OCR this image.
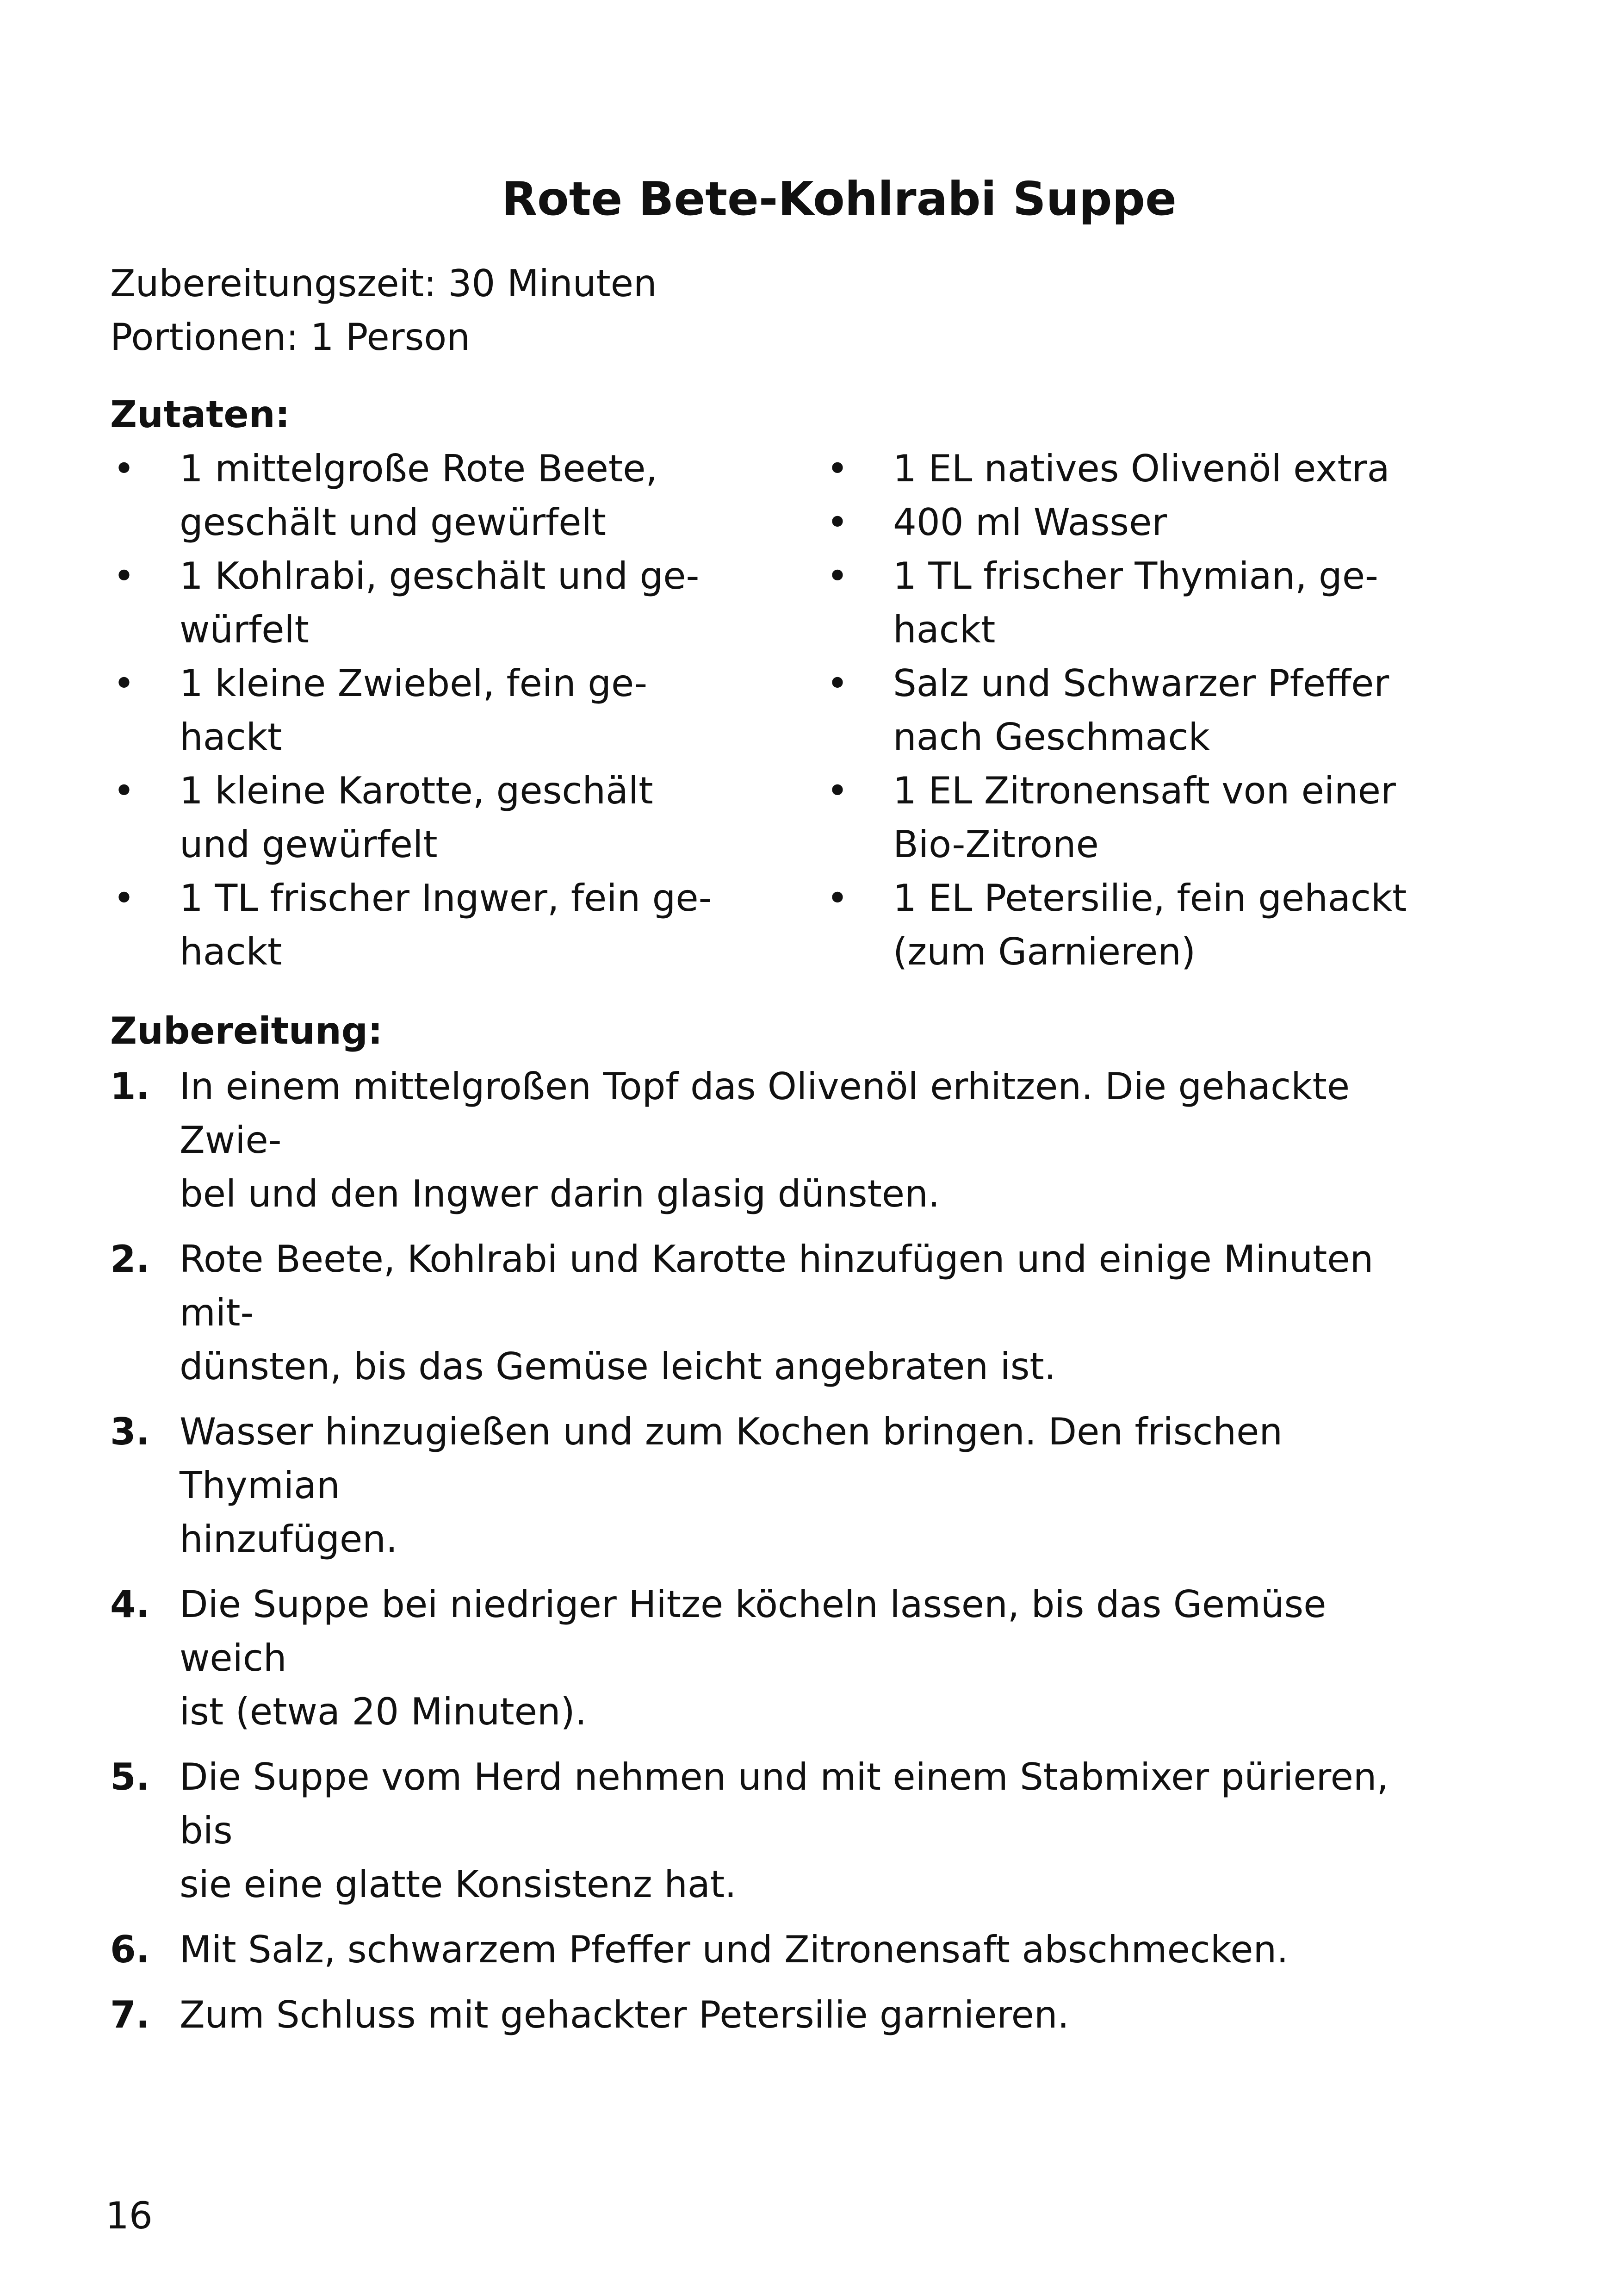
Rote Bete-Kohlrabi Suppe
Zubereitungszeit: 30 Minuten
Portionen: 1 Person
Zutaten:
• 1 mittelgroße Rote Beete,
geschält und gewürfelt
• 1 Kohlrabi, geschält und ge-
würfelt
• 1 kleine Zwiebel, fein ge-
hackt
• 1 kleine Karotte, geschält
und gewürfelt
• 1 TL frischer Ingwer, fein ge-
hackt
• 1 EL natives Olivenöl extra
• 400 ml Wasser
• 1 TL frischer Thymian, ge-
hackt
• Salz und Schwarzer Pfeffer
nach Geschmack
• 1 EL Zitronensaft von einer
Bio-Zitrone
• 1 EL Petersilie, fein gehackt
(zum Garnieren)
Zubereitung:
1. In einem mittelgroßen Topf das Olivenöl erhitzen. Die gehackte Zwie-
bel und den Ingwer darin glasig dünsten.
2. Rote Beete, Kohlrabi und Karotte hinzufügen und einige Minuten mit-
dünsten, bis das Gemüse leicht angebraten ist.
3. Wasser hinzugießen und zum Kochen bringen. Den frischen Thymian
hinzufügen.
4. Die Suppe bei niedriger Hitze köcheln lassen, bis das Gemüse weich
ist (etwa 20 Minuten).
5. Die Suppe vom Herd nehmen und mit einem Stabmixer pürieren, bis
sie eine glatte Konsistenz hat.
6. Mit Salz, schwarzem Pfeffer und Zitronensaft abschmecken.
7. Zum Schluss mit gehackter Petersilie garnieren.
16
